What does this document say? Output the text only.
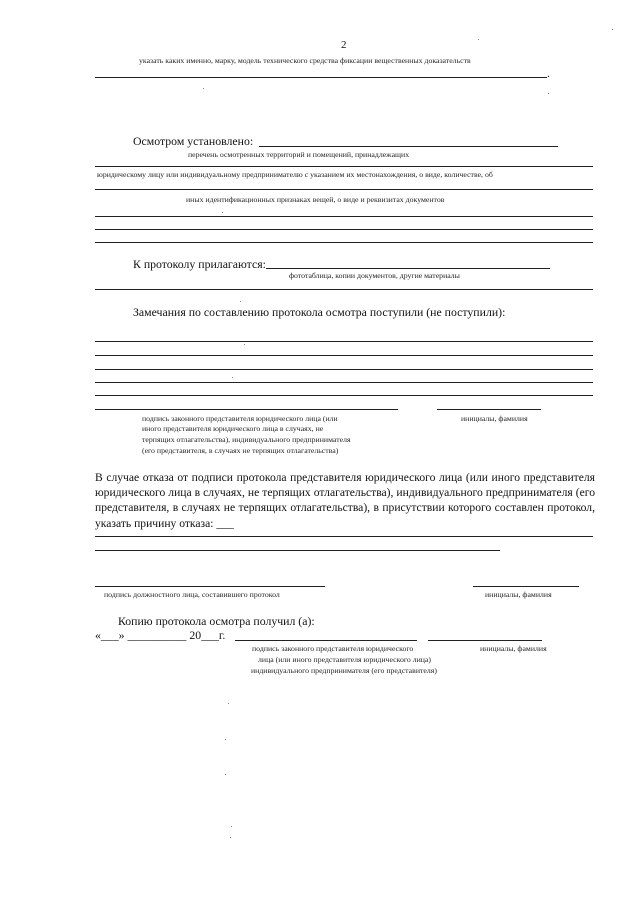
2
указать каких именно, марку, модель технического средства фиксации вещественных доказательств
.
Осмотром установлено:
перечень осмотренных территорий и помещений, принадлежащих
юридическому лицу или индивидуальному предпринимателю с указанием их местонахождения, о виде, количестве, об
иных идентификационных признаках вещей, о виде и реквизитах документов
К протоколу прилагаются:
фототаблица, копии документов, другие материалы
Замечания по составлению протокола осмотра поступили (не поступили):
подпись законного представителя юридического лица (или
иного представителя юридического лица в случаях, не
терпящих отлагательства), индивидуального предпринимателя
(его представителя, в случаях не терпящих отлагательства)
инициалы, фамилия
В случае отказа от подписи протокола представителя юридического лица (или иного представителя юридического лица в случаях, не терпящих отлагательства), индивидуального предпринимателя (его представителя, в случаях не терпящих отлагательства), в присутствии которого составлен протокол, указать причину отказа: ___
подпись должностного лица, составившего протокол	инициалы, фамилия
Копию протокола осмотра получил (а):
«___» __________ 20___г.
подпись законного представителя юридического
лица (или иного представителя юридического лица)
индивидуального предпринимателя (его представителя)
инициалы, фамилия
